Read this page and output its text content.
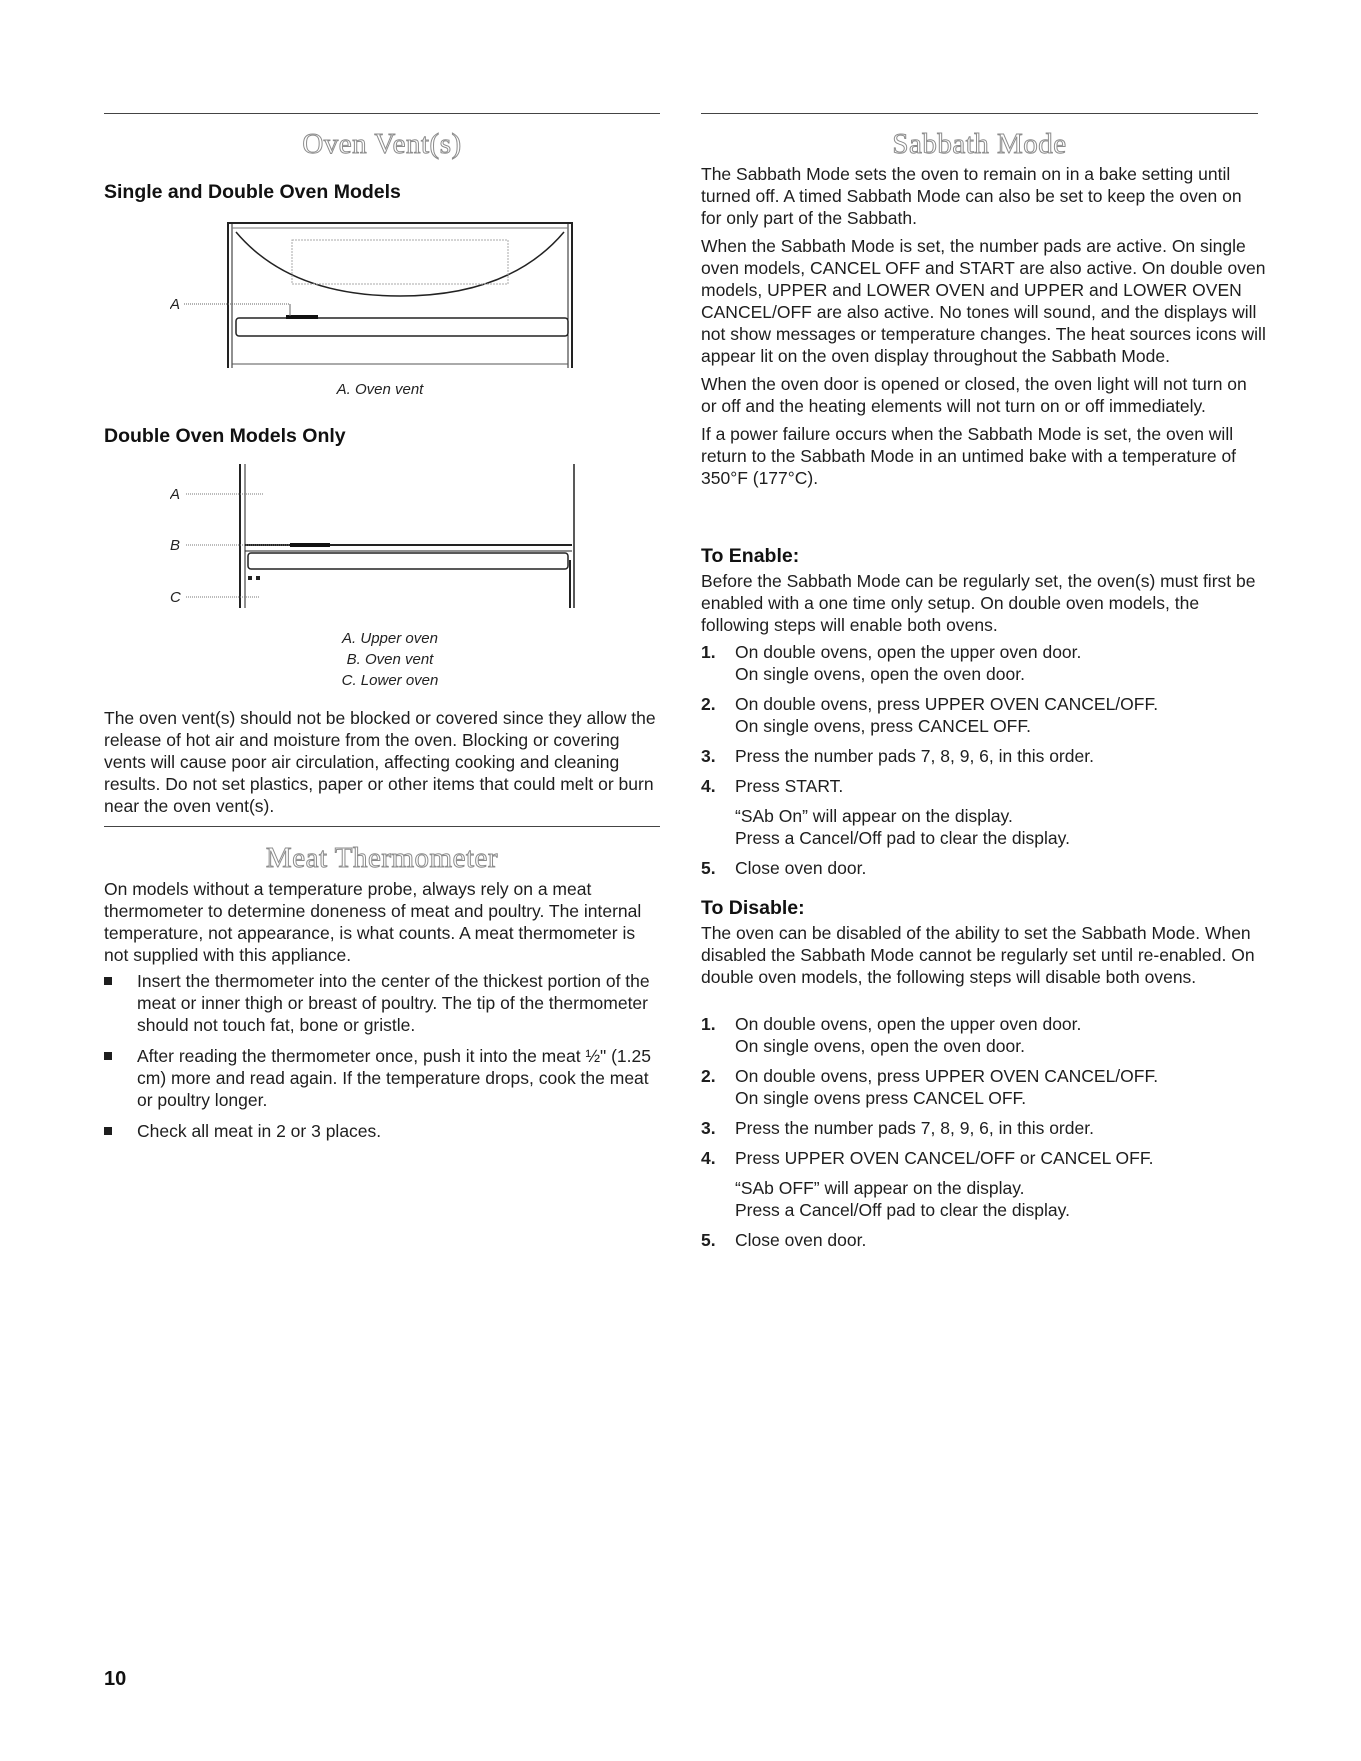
Oven Vent(s)
Single and Double Oven Models
A
A. Oven vent
Double Oven Models Only
A
B
C
A. Upper oven
B. Oven vent
C. Lower oven
The oven vent(s) should not be blocked or covered since they allow the release of hot air and moisture from the oven. Blocking or covering vents will cause poor air circulation, affecting cooking and cleaning results. Do not set plastics, paper or other items that could melt or burn near the oven vent(s).
Meat Thermometer
On models without a temperature probe, always rely on a meat thermometer to determine doneness of meat and poultry. The internal temperature, not appearance, is what counts. A meat thermometer is not supplied with this appliance.
Insert the thermometer into the center of the thickest portion of the meat or inner thigh or breast of poultry. The tip of the thermometer should not touch fat, bone or gristle.
After reading the thermometer once, push it into the meat ½" (1.25 cm) more and read again. If the temperature drops, cook the meat or poultry longer.
Check all meat in 2 or 3 places.
10
Sabbath Mode

The Sabbath Mode sets the oven to remain on in a bake setting until turned off. A timed Sabbath Mode can also be set to keep the oven on for only part of the Sabbath.

When the Sabbath Mode is set, the number pads are active. On single oven models, CANCEL OFF and START are also active. On double oven models, UPPER and LOWER OVEN and UPPER and LOWER OVEN CANCEL/OFF are also active. No tones will sound, and the displays will not show messages or temperature changes. The heat sources icons will appear lit on the oven display throughout the Sabbath Mode.

When the oven door is opened or closed, the oven light will not turn on or off and the heating elements will not turn on or off immediately.

If a power failure occurs when the Sabbath Mode is set, the oven will return to the Sabbath Mode in an untimed bake with a temperature of 350°F (177°C).

To Enable:
Before the Sabbath Mode can be regularly set, the oven(s) must first be enabled with a one time only setup. On double oven models, the following steps will enable both ovens.
1. On double ovens, open the upper oven door.
On single ovens, open the oven door.
2. On double ovens, press UPPER OVEN CANCEL/OFF.
On single ovens, press CANCEL OFF.
3. Press the number pads 7, 8, 9, 6, in this order.
4. Press START.
“SAb On” will appear on the display.
Press a Cancel/Off pad to clear the display.
5. Close oven door.
To Disable:
The oven can be disabled of the ability to set the Sabbath Mode. When disabled the Sabbath Mode cannot be regularly set until re-enabled. On double oven models, the following steps will disable both ovens.
1. On double ovens, open the upper oven door.
On single ovens, open the oven door.
2. On double ovens, press UPPER OVEN CANCEL/OFF.
On single ovens press CANCEL OFF.
3. Press the number pads 7, 8, 9, 6, in this order.
4. Press UPPER OVEN CANCEL/OFF or CANCEL OFF.
“SAb OFF” will appear on the display.
Press a Cancel/Off pad to clear the display.
5. Close oven door.
